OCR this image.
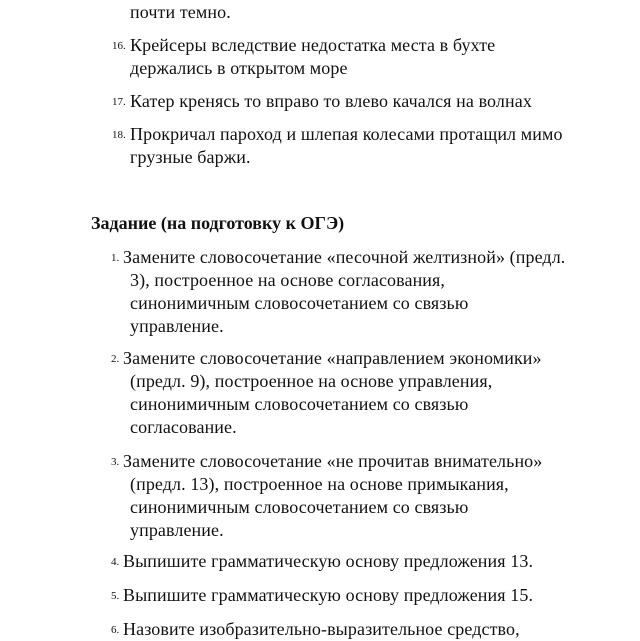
почти темно.
16. Крейсеры вследствие недостатка места в бухте
держались в открытом море
17. Катер кренясь то вправо то влево качался на волнах
18. Прокричал пароход и шлепая колесами протащил мимо
грузные баржи.
Задание (на подготовку к ОГЭ)
1. Замените словосочетание «песочной желтизной» (предл.
3), построенное на основе согласования,
синонимичным словосочетанием со связью
управление.
2. Замените словосочетание «направлением экономики»
(предл. 9), построенное на основе управления,
синонимичным словосочетанием со связью
согласование.
3. Замените словосочетание «не прочитав внимательно»
(предл. 13), построенное на основе примыкания,
синонимичным словосочетанием со связью
управление.
4. Выпишите грамматическую основу предложения 13.
5. Выпишите грамматическую основу предложения 15.
6. Назовите изобразительно-выразительное средство,
